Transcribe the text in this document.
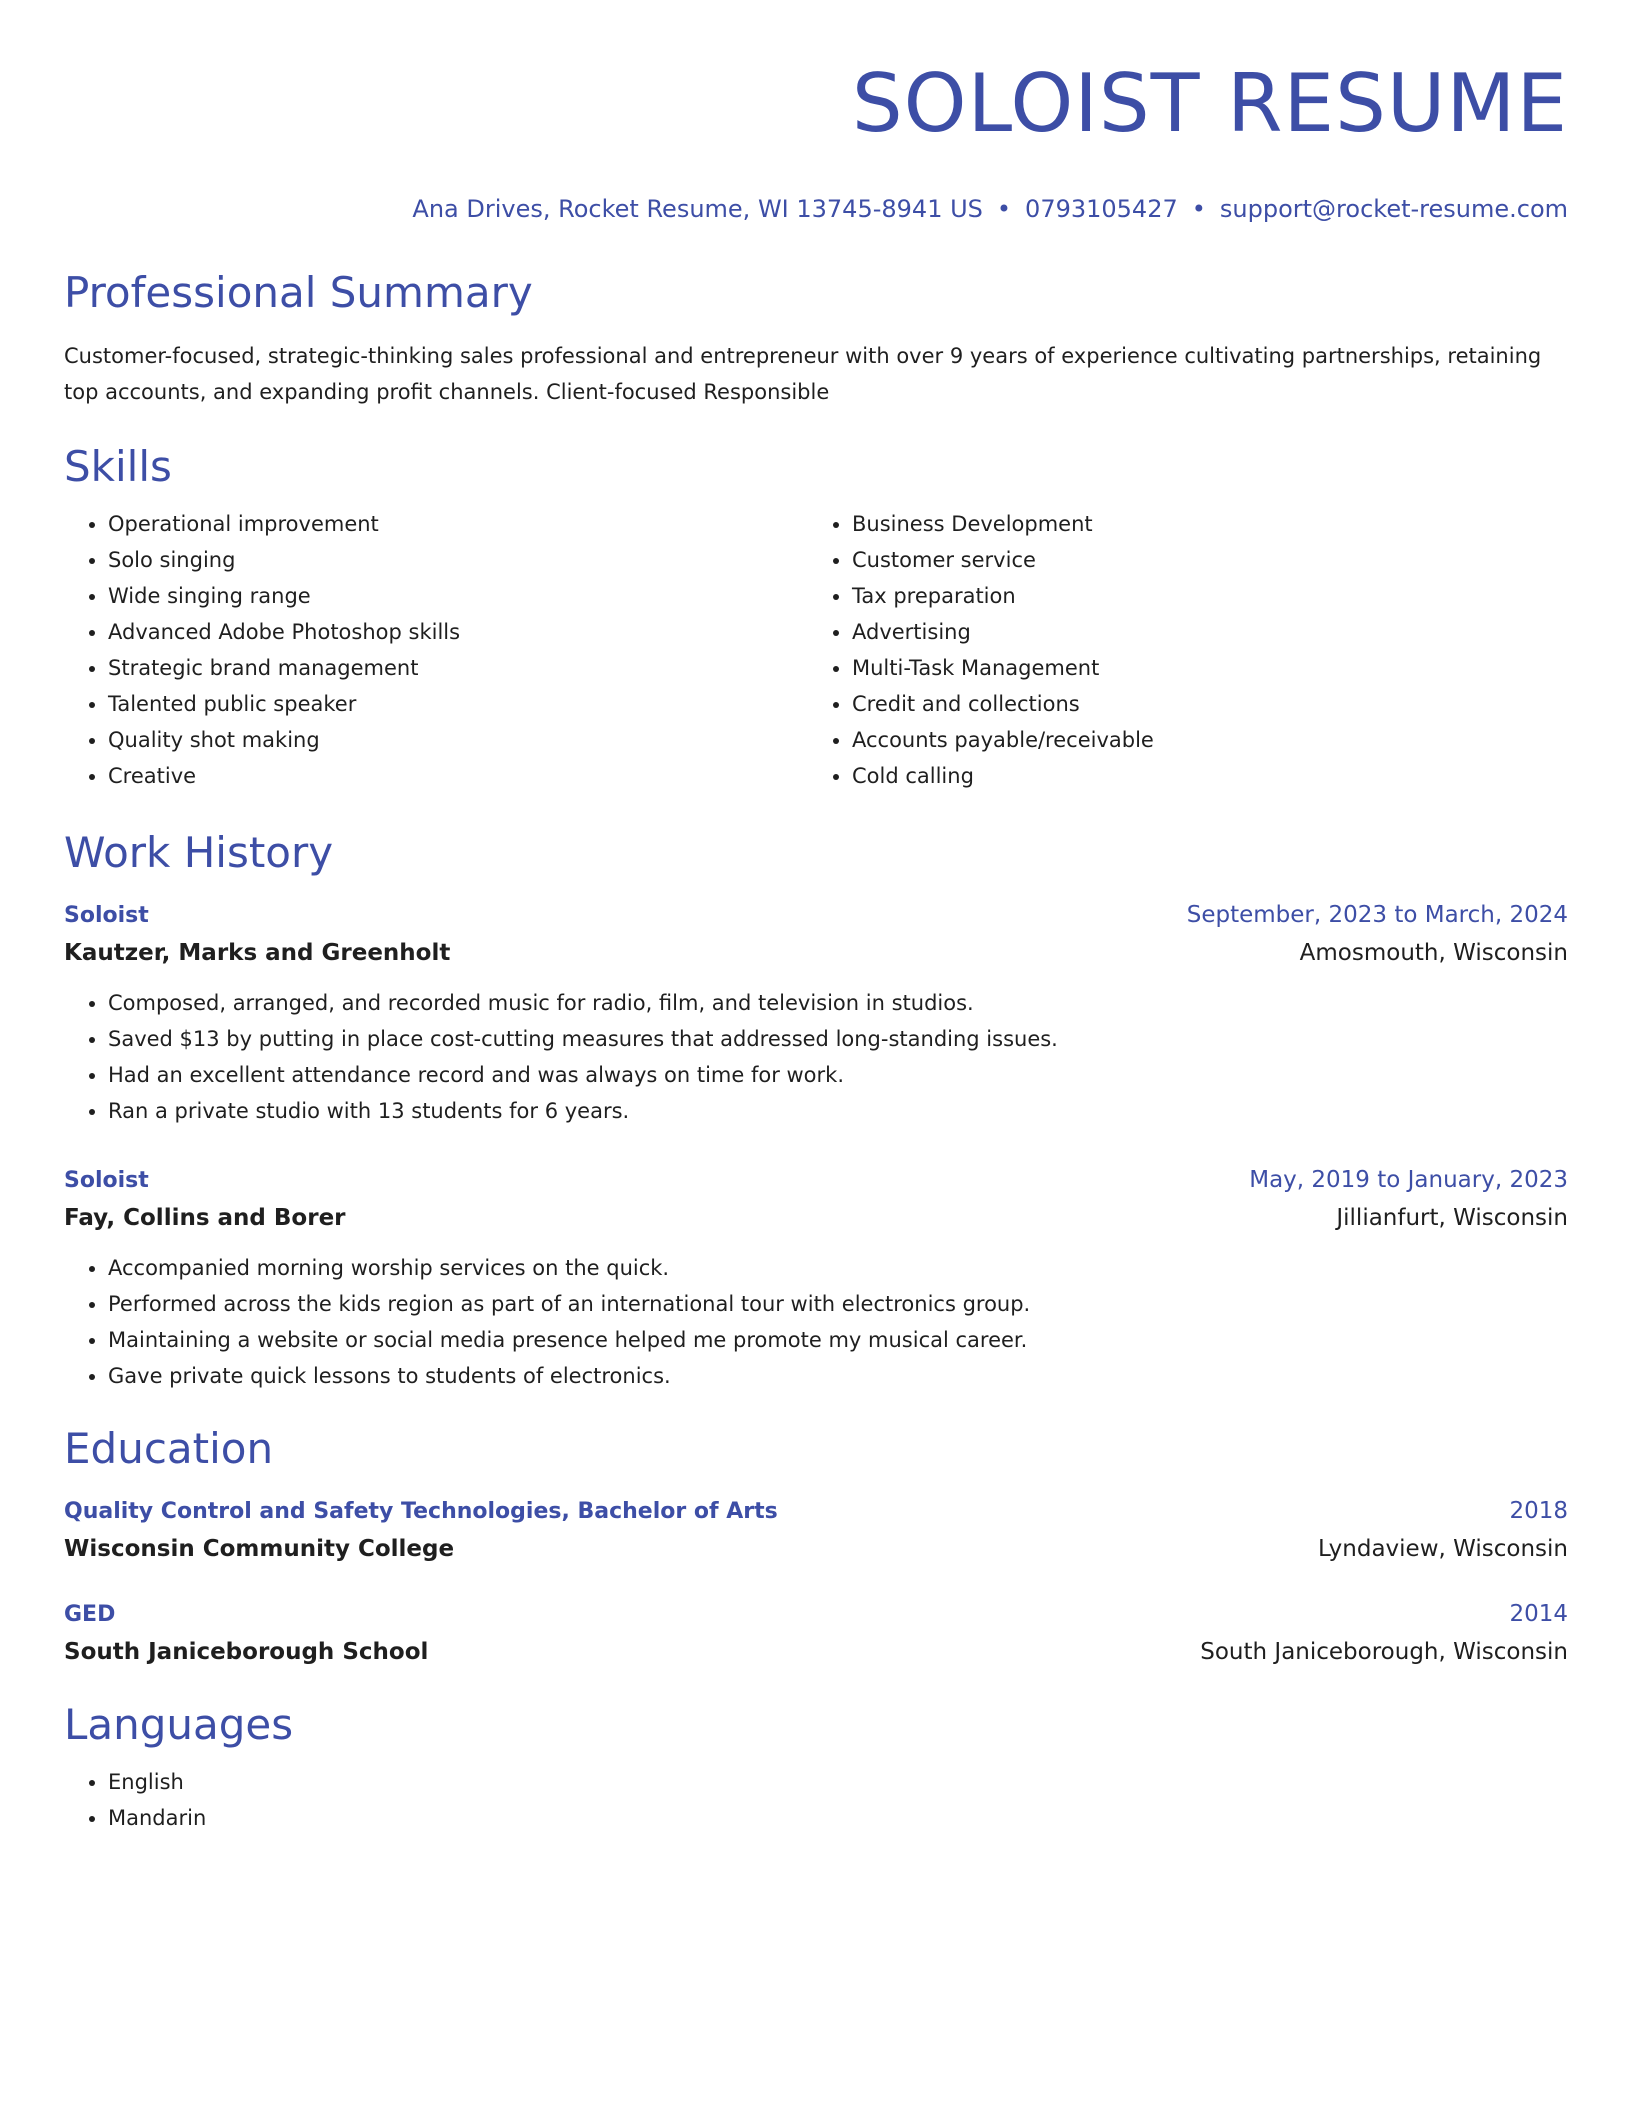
SOLOIST RESUME
Ana Drives, Rocket Resume, WI 13745-8941 US • 0793105427 • support@rocket-resume.com
Professional Summary
Customer-focused, strategic-thinking sales professional and entrepreneur with over 9 years of experience cultivating partnerships, retaining top accounts, and expanding profit channels. Client-focused Responsible
Skills
• Operational improvement
• Solo singing
• Wide singing range
• Advanced Adobe Photoshop skills
• Strategic brand management
• Talented public speaker
• Quality shot making
• Creative
• Business Development
• Customer service
• Tax preparation
• Advertising
• Multi-Task Management
• Credit and collections
• Accounts payable/receivable
• Cold calling
Work History
Soloist	September, 2023 to March, 2024
Kautzer, Marks and Greenholt	Amosmouth, Wisconsin
• Composed, arranged, and recorded music for radio, film, and television in studios.
• Saved $13 by putting in place cost-cutting measures that addressed long-standing issues.
• Had an excellent attendance record and was always on time for work.
• Ran a private studio with 13 students for 6 years.
Soloist	May, 2019 to January, 2023
Fay, Collins and Borer	Jillianfurt, Wisconsin
• Accompanied morning worship services on the quick.
• Performed across the kids region as part of an international tour with electronics group.
• Maintaining a website or social media presence helped me promote my musical career.
• Gave private quick lessons to students of electronics.
Education
Quality Control and Safety Technologies, Bachelor of Arts	2018
Wisconsin Community College	Lyndaview, Wisconsin
GED	2014
South Janiceborough School	South Janiceborough, Wisconsin
Languages
• English
• Mandarin
